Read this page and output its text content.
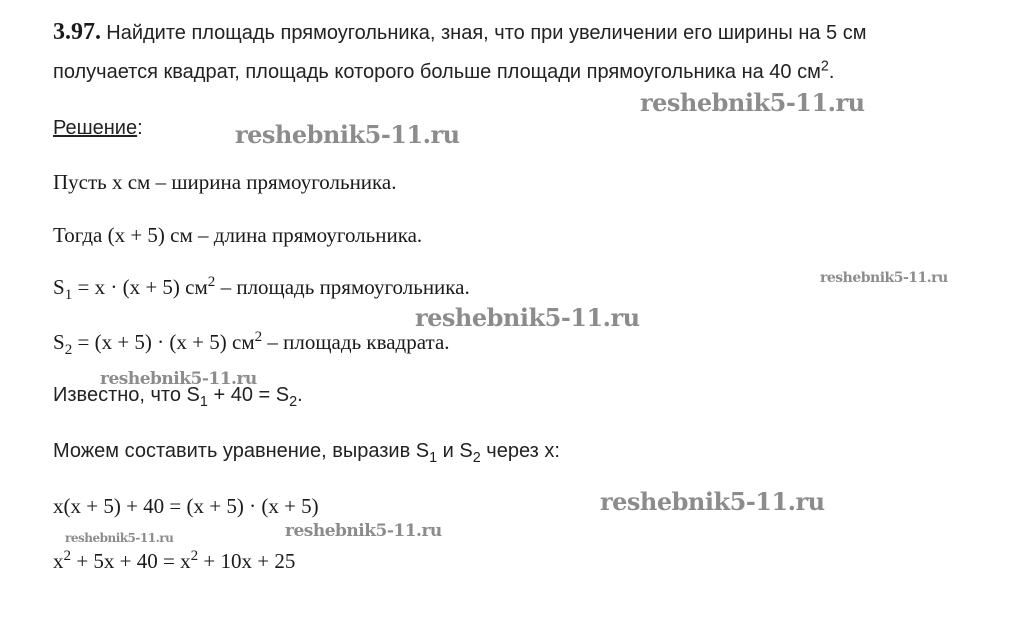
3.97. Найдите площадь прямоугольника, зная, что при увеличении его ширины на 5 см
получается квадрат, площадь которого больше площади прямоугольника на 40 $см^2$.
Решение:
Пусть x см – ширина прямоугольника.
Тогда (x + 5) см – длина прямоугольника.
$S_1 = x \cdot (x + 5)$ $см^2$ – площадь прямоугольника.
$S_2 = (x + 5) \cdot (x + 5)$ $см^2$ – площадь квадрата.
Известно, что $S_1 + 40 = S_2$.
Можем составить уравнение, выразив $S_1$ и $S_2$ через x:
x(x + 5) + 40 = (x + 5) · (x + 5)
$x^2 + 5x + 40 = x^2 + 10x + 25$
reshebnik5-11.ru
reshebnik5-11.ru
reshebnik5-11.ru
reshebnik5-11.ru
reshebnik5-11.ru
reshebnik5-11.ru
reshebnik5-11.ru	reshebnik5-11.ru
